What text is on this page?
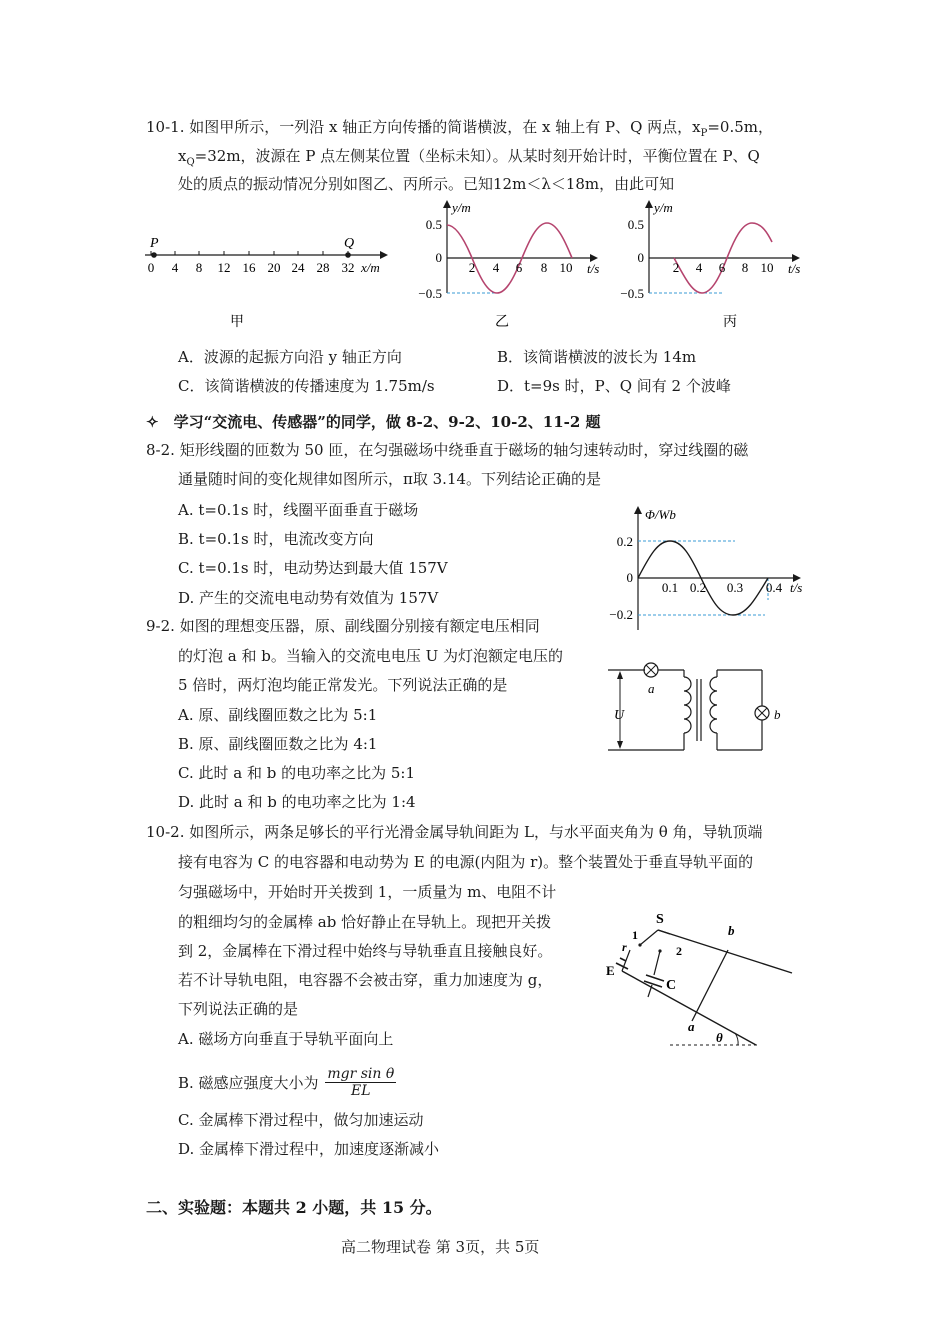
10-1. 如图甲所示，一列沿 x 轴正方向传播的简谐横波，在 x 轴上有 P、Q 两点，$x_P=0.5m$，
$x_Q=32m$，波源在 P 点左侧某位置（坐标未知）。从某时刻开始计时，平衡位置在 P、Q
处的质点的振动情况分别如图乙、丙所示。已知12m＜λ＜18m，由此可知
P	Q
0 4 8 12 16 20 24 28 32 x/m
甲
y/m
t/s
0.5
0
−0.5
2 4 6 8 10
乙
y/m
t/s
0.5
0
−0.5
2 4 6 8 10
丙
A．波源的起振方向沿 y 轴正方向	B．该简谐横波的波长为 14m
C．该简谐横波的传播速度为 1.75m/s	D．t=9s 时，P、Q 间有 2 个波峰
✧　学习“交流电、传感器”的同学，做 8-2、9-2、10-2、11-2 题
8-2. 矩形线圈的匝数为 50 匝，在匀强磁场中绕垂直于磁场的轴匀速转动时，穿过线圈的磁
通量随时间的变化规律如图所示，π取 3.14。下列结论正确的是
A. t=0.1s 时，线圈平面垂直于磁场
B. t=0.1s 时，电流改变方向
C. t=0.1s 时，电动势达到最大值 157V
D. 产生的交流电电动势有效值为 157V
Φ/Wb
t/s
0.2
0
−0.2
0.1 0.2 0.3 0.4
9-2. 如图的理想变压器，原、副线圈分别接有额定电压相同
的灯泡 a 和 b。当输入的交流电电压 U 为灯泡额定电压的
5 倍时，两灯泡均能正常发光。下列说法正确的是
A. 原、副线圈匝数之比为 5:1
B. 原、副线圈匝数之比为 4:1
C. 此时 a 和 b 的电功率之比为 5:1
D. 此时 a 和 b 的电功率之比为 1:4
U
a
b
10-2. 如图所示，两条足够长的平行光滑金属导轨间距为 L，与水平面夹角为 θ 角，导轨顶端
接有电容为 C 的电容器和电动势为 E 的电源(内阻为 r)。整个装置处于垂直导轨平面的
匀强磁场中，开始时开关拨到 1，一质量为 m、电阻不计
的粗细均匀的金属棒 ab 恰好静止在导轨上。现把开关拨
到 2，金属棒在下滑过程中始终与导轨垂直且接触良好。
若不计导轨电阻，电容器不会被击穿，重力加速度为 g，
下列说法正确的是
A. 磁场方向垂直于导轨平面向上
B. 磁感应强度大小为 mgr sin θ
EL
C. 金属棒下滑过程中，做匀加速运动
D. 金属棒下滑过程中，加速度逐渐减小
b
a
S
1
2
r
E
C
θ
二、实验题：本题共 2 小题，共 15 分。
高二物理试卷 第 3页，共 5页
